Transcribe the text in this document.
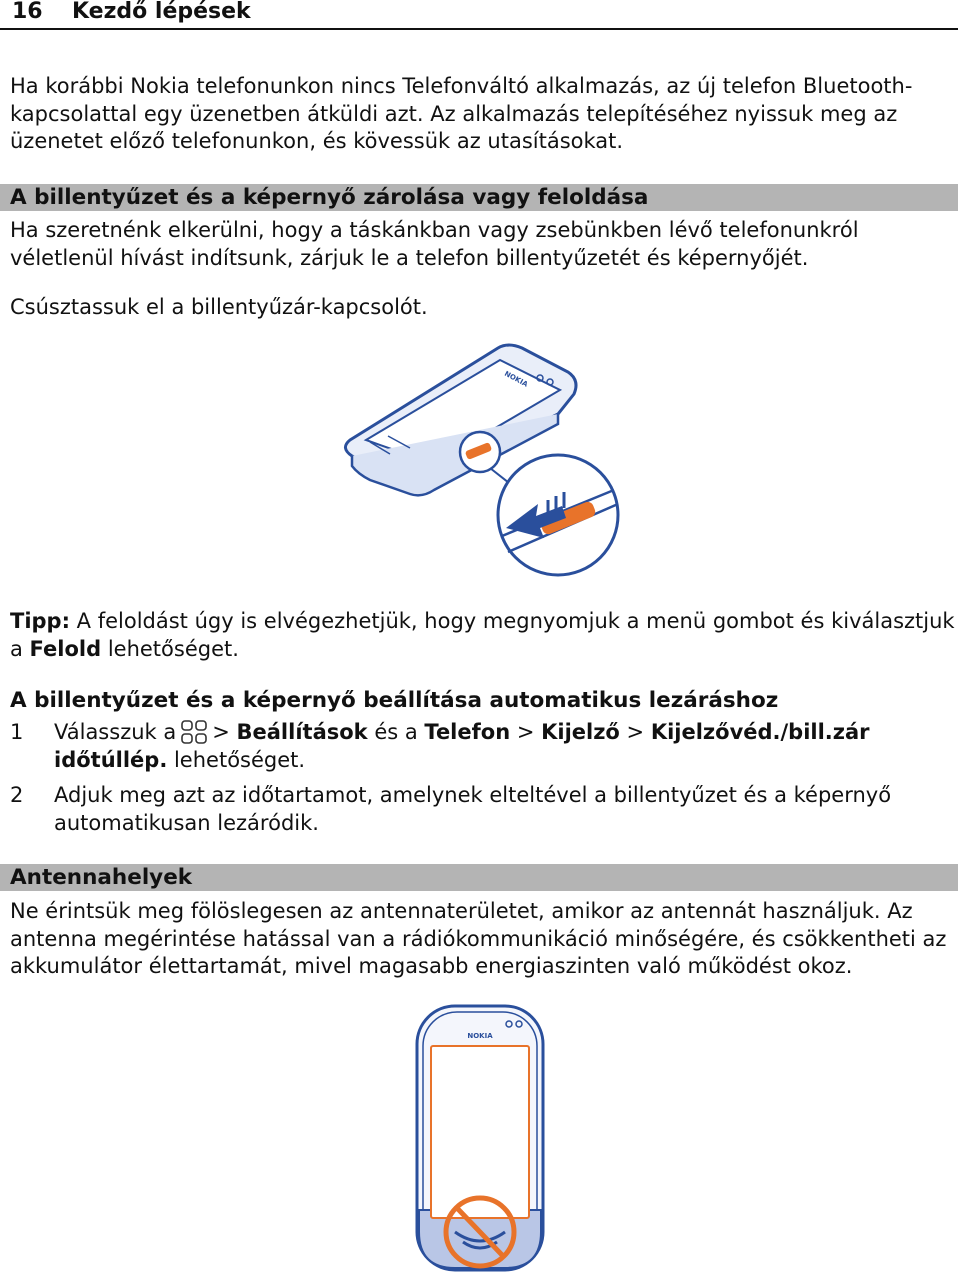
16 Kezdő lépések

Ha korábbi Nokia telefonunkon nincs Telefonváltó alkalmazás, az új telefon Bluetooth-kapcsolattal egy üzenetben átküldi azt. Az alkalmazás telepítéséhez nyissuk meg az üzenetet előző telefonunkon, és kövessük az utasításokat.

A billentyűzet és a képernyő zárolása vagy feloldása

Ha szeretnénk elkerülni, hogy a táskánkban vagy zsebünkben lévő telefonunkról véletlenül hívást indítsunk, zárjuk le a telefon billentyűzetét és képernyőjét.

Csúsztassuk el a billentyűzár-kapcsolót.

NOKIA

Tipp: A feloldást úgy is elvégezhetjük, hogy megnyomjuk a menü gombot és kiválasztjuk a Felold lehetőséget.

A billentyűzet és a képernyő beállítása automatikus lezáráshoz

1 Válasszuk a > Beállítások és a Telefon > Kijelző > Kijelzővéd./bill.zár időtúllép. lehetőséget.
2 Adjuk meg azt az időtartamot, amelynek elteltével a billentyűzet és a képernyő automatikusan lezáródik.

Antennahelyek

Ne érintsük meg fölöslegesen az antennaterületet, amikor az antennát használjuk. Az antenna megérintése hatással van a rádiókommunikáció minőségére, és csökkentheti az akkumulátor élettartamát, mivel magasabb energiaszinten való működést okoz.

NOKIA
